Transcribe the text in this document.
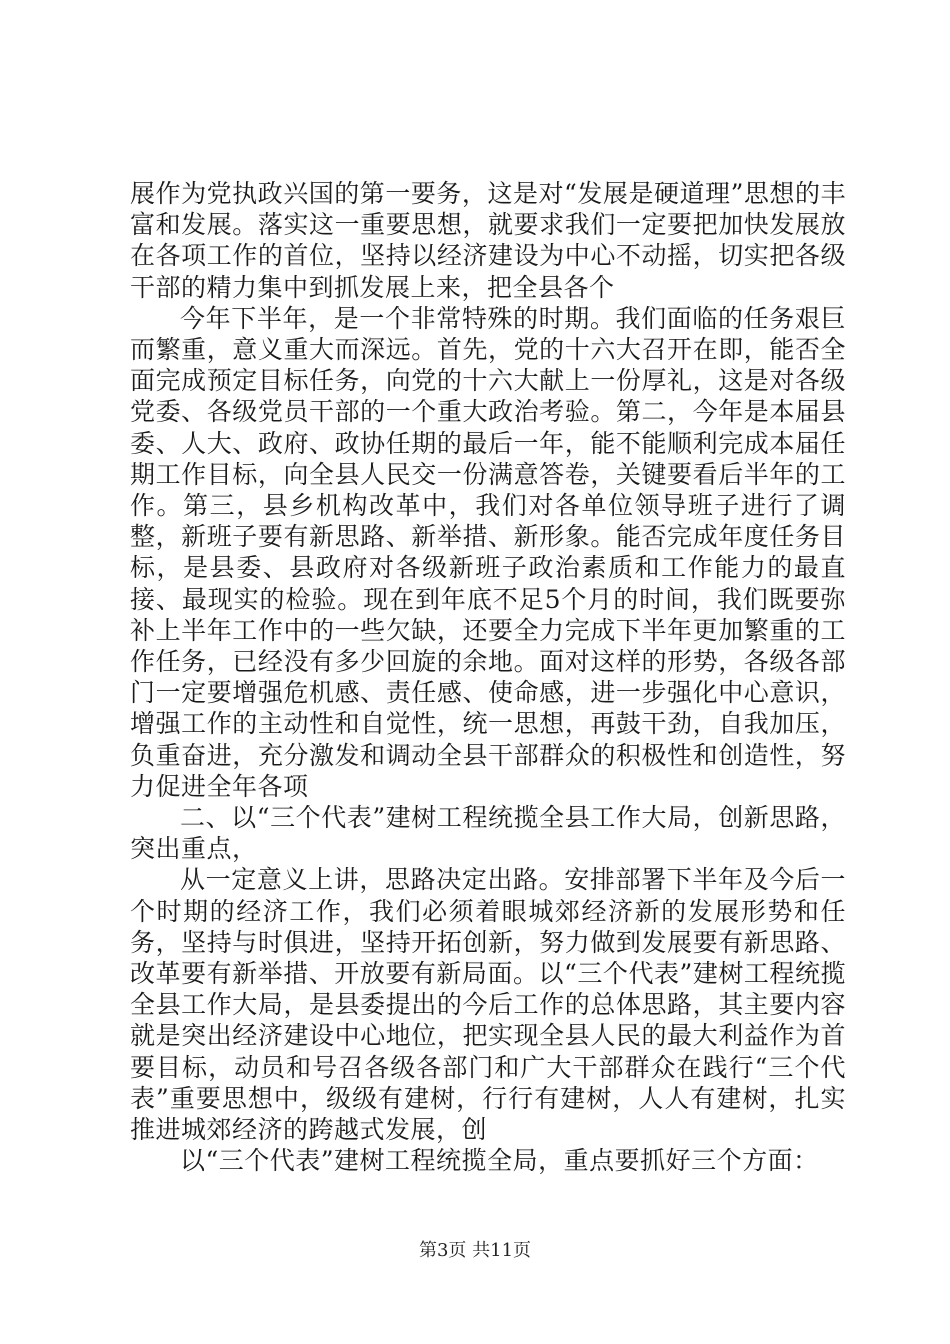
展作为党执政兴国的第一要务，这是对“发展是硬道理”思想的丰富和发展。落实这一重要思想，就要求我们一定要把加快发展放在各项工作的首位，坚持以经济建设为中心不动摇，切实把各级干部的精力集中到抓发展上来，把全县各个

今年下半年，是一个非常特殊的时期。我们面临的任务艰巨而繁重，意义重大而深远。首先，党的十六大召开在即，能否全面完成预定目标任务，向党的十六大献上一份厚礼，这是对各级党委、各级党员干部的一个重大政治考验。第二，今年是本届县委、人大、政府、政协任期的最后一年，能不能顺利完成本届任期工作目标，向全县人民交一份满意答卷，关键要看后半年的工作。第三，县乡机构改革中，我们对各单位领导班子进行了调整，新班子要有新思路、新举措、新形象。能否完成年度任务目标，是县委、县政府对各级新班子政治素质和工作能力的最直接、最现实的检验。现在到年底不足5个月的时间，我们既要弥补上半年工作中的一些欠缺，还要全力完成下半年更加繁重的工作任务，已经没有多少回旋的余地。面对这样的形势，各级各部门一定要增强危机感、责任感、使命感，进一步强化中心意识，增强工作的主动性和自觉性，统一思想，再鼓干劲，自我加压，负重奋进，充分激发和调动全县干部群众的积极性和创造性，努力促进全年各项

二、以“三个代表”建树工程统揽全县工作大局，创新思路，突出重点，

从一定意义上讲，思路决定出路。安排部署下半年及今后一个时期的经济工作，我们必须着眼城郊经济新的发展形势和任务，坚持与时俱进，坚持开拓创新，努力做到发展要有新思路、改革要有新举措、开放要有新局面。以“三个代表”建树工程统揽全县工作大局，是县委提出的今后工作的总体思路，其主要内容就是突出经济建设中心地位，把实现全县人民的最大利益作为首要目标，动员和号召各级各部门和广大干部群众在践行“三个代表”重要思想中，级级有建树，行行有建树，人人有建树，扎实推进城郊经济的跨越式发展，创

以“三个代表”建树工程统揽全局，重点要抓好三个方面：

第3页 共11页
